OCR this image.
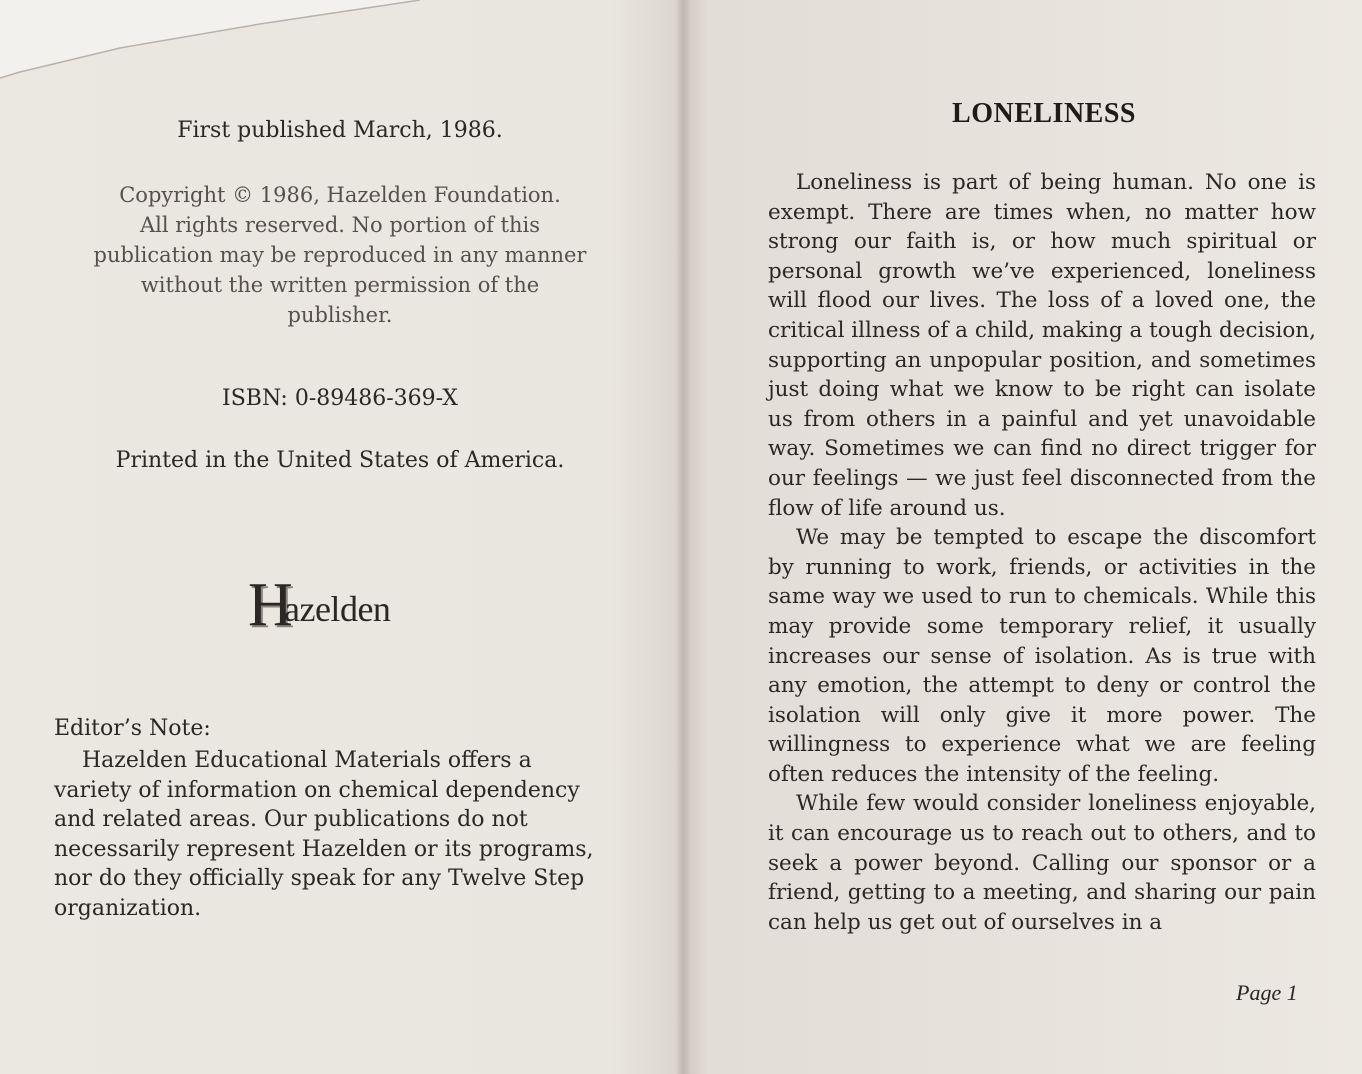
First published March, 1986.
Copyright © 1986, Hazelden Foundation.
All rights reserved. No portion of this
publication may be reproduced in any manner
without the written permission of the
publisher.
ISBN: 0-89486-369-X
Printed in the United States of America.
H
azelden
Editor’s Note:
Hazelden Educational Materials offers a variety of information on chemical dependency and related areas. Our publications do not necessarily represent Hazelden or its programs, nor do they officially speak for any Twelve Step organization.
LONELINESS

Loneliness is part of being human. No one is exempt. There are times when, no matter how strong our faith is, or how much spiritual or personal growth we’ve experienced, loneliness will flood our lives. The loss of a loved one, the critical illness of a child, making a tough decision, supporting an unpopular position, and sometimes just doing what we know to be right can isolate us from others in a painful and yet unavoidable way. Sometimes we can find no direct trigger for our feelings — we just feel disconnected from the flow of life around us.

We may be tempted to escape the discomfort by running to work, friends, or activities in the same way we used to run to chemicals. While this may provide some temporary relief, it usually increases our sense of isolation. As is true with any emotion, the attempt to deny or control the isolation will only give it more power. The willingness to experience what we are feeling often reduces the intensity of the feeling.

While few would consider loneliness enjoyable, it can encourage us to reach out to others, and to seek a power beyond. Calling our sponsor or a friend, getting to a meeting, and sharing our pain can help us get out of ourselves in a

Page 1
